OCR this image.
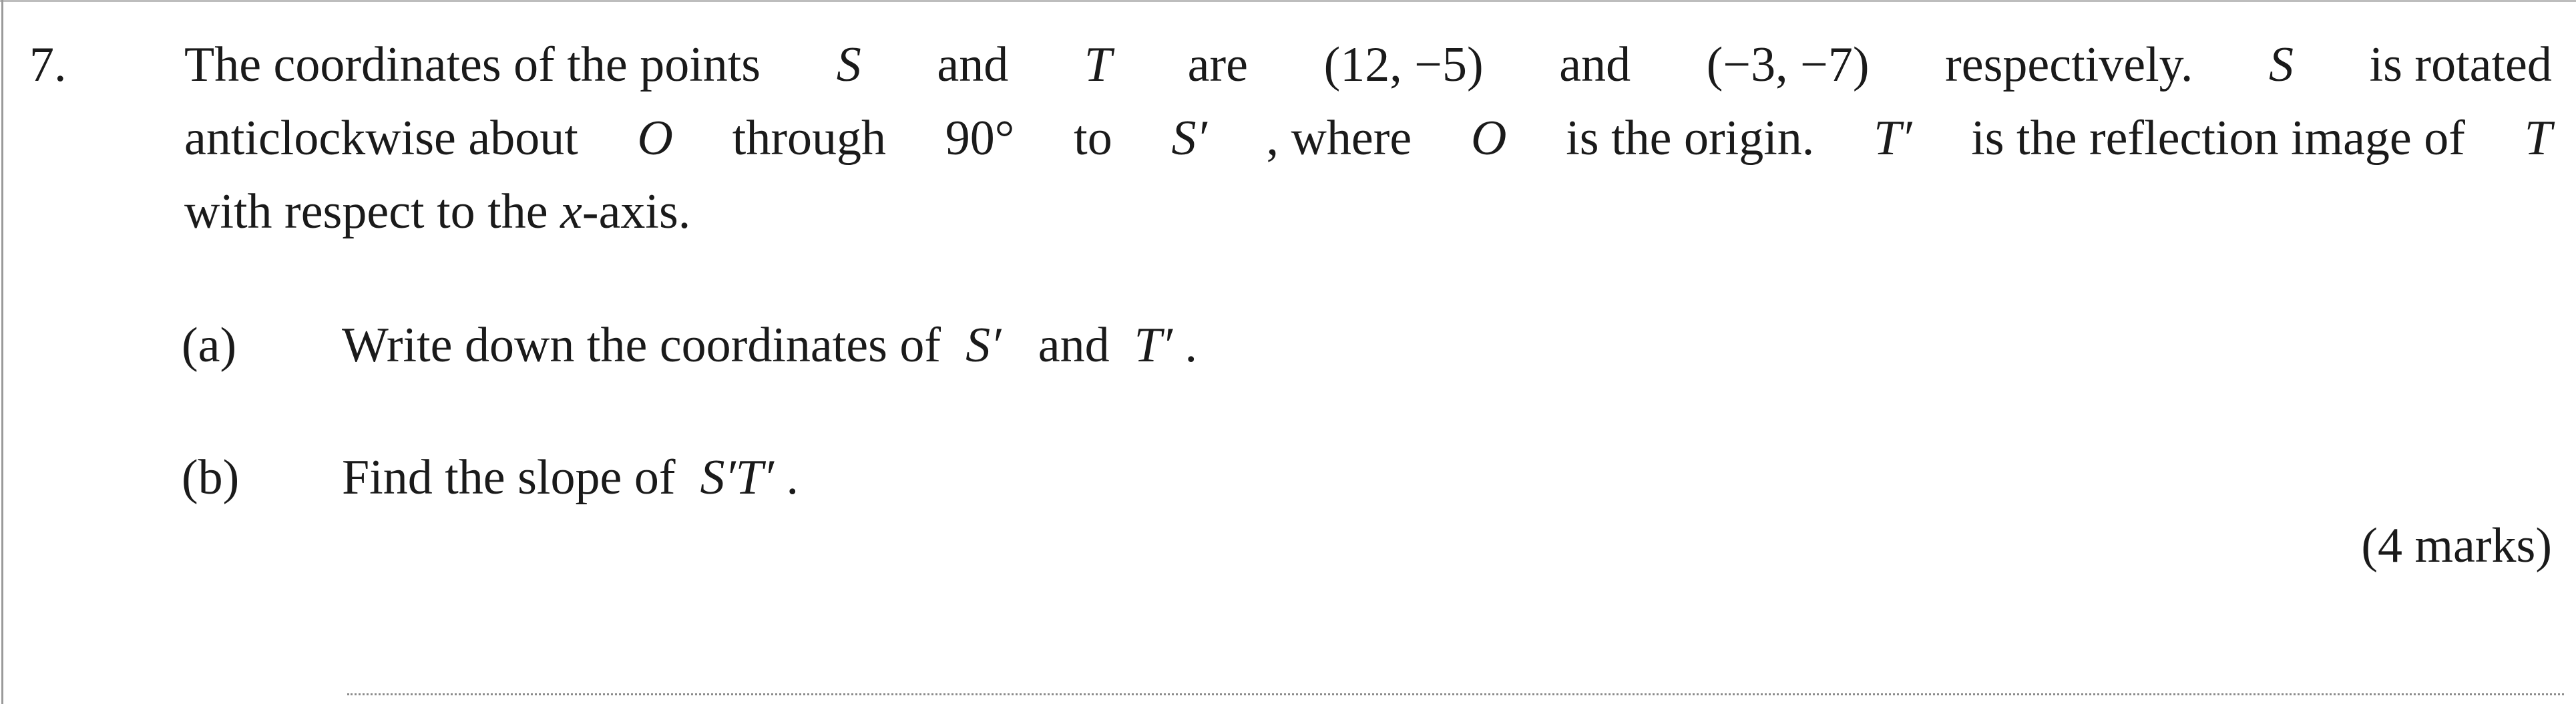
7. The coordinates of the points S and T are (12, −5) and (−3, −7) respectively. S is rotated
anticlockwise about O through 90° to S′ , where O is the origin. T′ is the reflection image of T
with respect to the x-axis.
(a) Write down the coordinates of S′ and T′ .
(b) Find the slope of S′T′ .
(4 marks)
